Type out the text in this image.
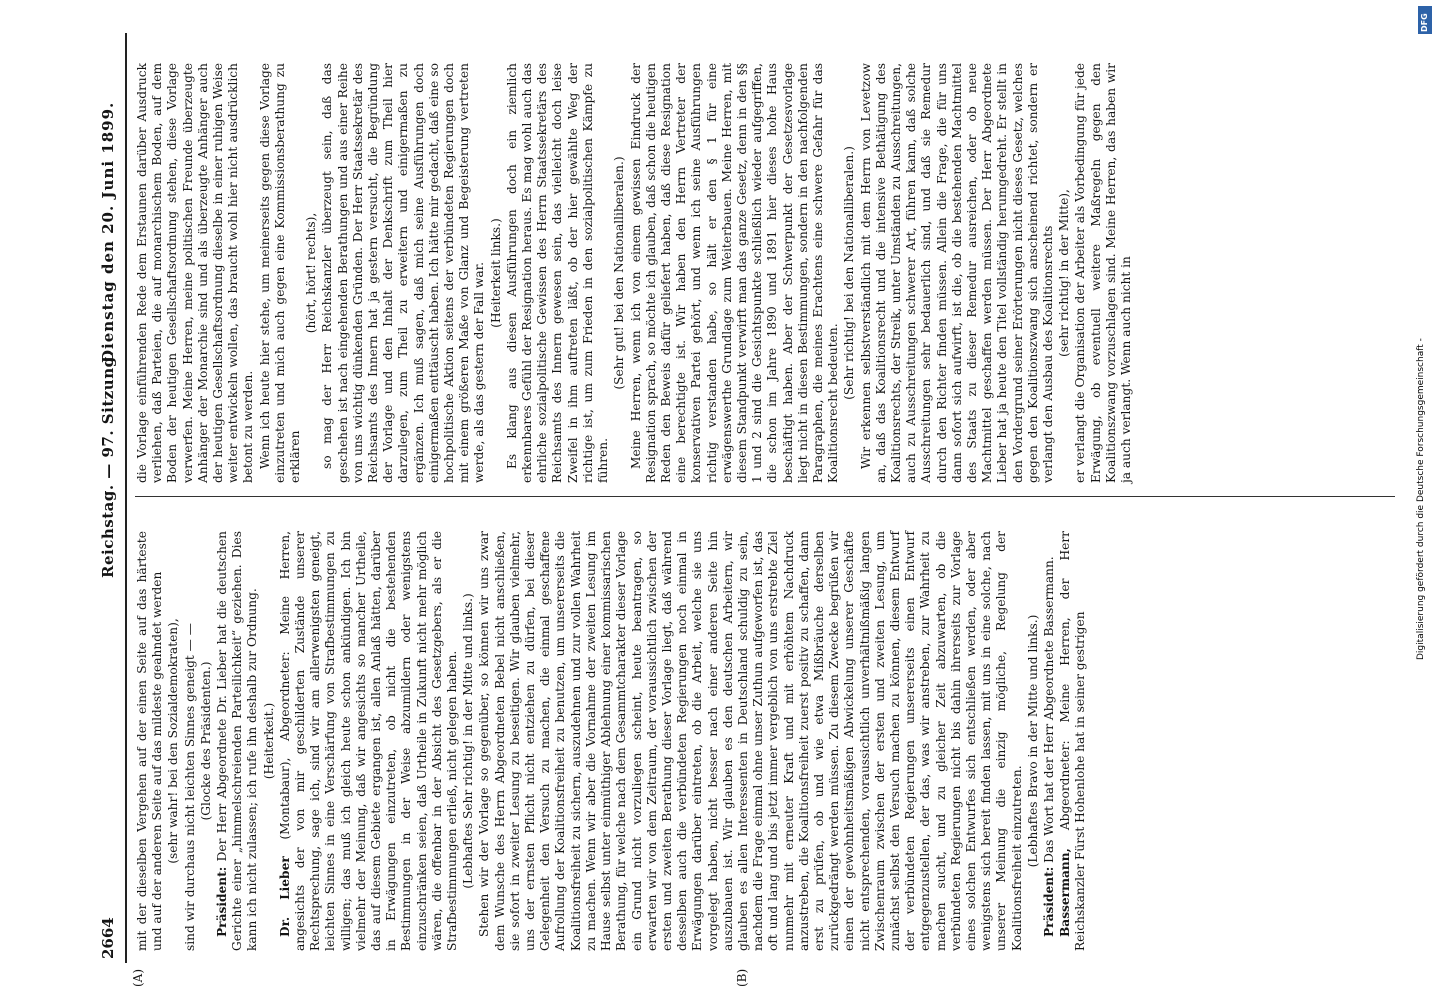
DFG
Digitalisierung gefördert durch die Deutsche Forschungsgemeinschaft -
2664
Reichstag. — 97. Sitzung.

mit der dieselben Vergehen auf der einen Seite auf das härteste und auf der anderen Seite auf das mildeste geahndet werden (sehr wahr! bei den Sozialdemokraten), sind wir durchaus nicht leichten Sinnes geneigt — — (Glocke des Präsidenten.)

Präsident: Der Herr Abgeordnete Dr. Lieber hat die deutschen Gerichte einer „himmelschreienden Parteilichkeit“ geziehen. Dies kann ich nicht zulassen; ich rufe ihn deshalb zur Ordnung. (Heiterkeit.)

Dr. Lieber (Montabaur), Abgeordneter: Meine Herren, angesichts der von mir geschilderten Zustände unserer Rechtsprechung, sage ich, sind wir am allerwenigsten geneigt, leichten Sinnes in eine Verschärfung von Strafbestimmungen zu willigen; das muß ich gleich heute schon ankündigen. Ich bin vielmehr der Meinung, daß wir angesichts so mancher Urtheile, das auf diesem Gebiete ergangen ist, allen Anlaß hätten, darüber in Erwägungen einzutreten, ob nicht die bestehenden Bestimmungen in der Weise abzumildern oder wenigstens einzuschränken seien, daß Urtheile in Zukunft nicht mehr möglich wären, die offenbar in der Absicht des Gesetzgebers, als er die Strafbestimmungen erließ, nicht gelegen haben. (Lebhaftes Sehr richtig! in der Mitte und links.) Stehen wir der Vorlage so gegenüber, so können wir uns zwar dem Wunsche des Herrn Abgeordneten Bebel nicht anschließen, sie sofort in zweiter Lesung zu beseitigen. Wir glauben vielmehr, uns der ernsten Pflicht nicht entziehen zu dürfen, bei dieser Gelegenheit den Versuch zu machen, die einmal geschaffene Aufrollung der Koalitionsfreiheit zu benutzen, um unsererseits die Koalitionsfreiheit zu sichern, auszudehnen und zur vollen Wahrheit zu machen. Wenn wir aber die Vornahme der zweiten Lesung im Hause selbst unter einmüthiger Ablehnung einer kommissarischen Berathung, für welche nach dem Gesammtcharakter dieser Vorlage ein Grund nicht vorzuliegen scheint, heute beantragen, so erwarten wir von dem Zeitraum, der voraussichtlich zwischen der ersten und zweiten Berathung dieser Vorlage liegt, daß während desselben auch die verbündeten Regierungen noch einmal in Erwägungen darüber eintreten, ob die Arbeit, welche sie uns vorgelegt haben, nicht besser nach einer anderen Seite hin auszubauen ist. Wir glauben es den deutschen Arbeitern, wir glauben es allen Interessenten in Deutschland schuldig zu sein, nachdem die Frage einmal ohne unser Zuthun aufgeworfen ist, das oft und lang und bis jetzt immer vergeblich von uns erstrebte Ziel nunmehr mit erneuter Kraft und mit erhöhtem Nachdruck anzustreben, die Koalitionsfreiheit zuerst positiv zu schaffen, dann erst zu prüfen, ob und wie etwa Mißbräuche derselben zurückgedrängt werden müssen. Zu diesem Zwecke begrüßen wir einen der gewohnheitsmäßigen Abwickelung unserer Geschäfte nicht entsprechenden, voraussichtlich unverhältnißmäßig langen Zwischenraum zwischen der ersten und zweiten Lesung, um zunächst selbst den Versuch machen zu können, diesem Entwurf der verbündeten Regierungen unsererseits einen Entwurf entgegenzustellen, der das, was wir anstreben, zur Wahrheit zu machen sucht, und zu gleicher Zeit abzuwarten, ob die verbündeten Regierungen nicht bis dahin ihrerseits zur Vorlage eines solchen Entwurfes sich entschließen werden, oder aber wenigstens sich bereit finden lassen, mit uns in eine solche, nach unserer Meinung die einzig mögliche, Regelung der Koalitionsfreiheit einzutreten. (Lebhaftes Bravo in der Mitte und links.)

Präsident: Das Wort hat der Herr Abgeordnete Bassermann.

Bassermann, Abgeordneter: Meine Herren, der Herr Reichskanzler Fürst Hohenlohe hat in seiner gestrigen

die Vorlage einführenden Rede dem Erstaunen darüber Ausdruck verliehen, daß Parteien, die auf monarchischem Boden, auf dem Boden der heutigen Gesellschaftsordnung stehen, diese Vorlage verwerfen. Meine Herren, meine politischen Freunde überzeugte Anhänger der Monarchie sind und als überzeugte Anhänger auch der heutigen Gesellschaftsordnung dieselbe in einer ruhigen Weise weiter entwickeln wollen, das braucht wohl hier nicht ausdrücklich betont zu werden. Wenn ich heute hier stehe, um meinerseits gegen diese Vorlage einzutreten und mich auch gegen eine Kommissionsberathung zu erklären

(hört, hört! rechts), so mag der Herr Reichskanzler überzeugt sein, daß das geschehen ist nach eingehenden Berathungen und aus einer Reihe von uns wichtig dünkenden Gründen. Der Herr Staatssekretär des Reichsamts des Innern hat ja gestern versucht, die Begründung der Vorlage und den Inhalt der Denkschrift zum Theil hier darzulegen, zum Theil zu erweitern und einigermaßen zu ergänzen. Ich muß sagen, daß mich seine Ausführungen doch einigermaßen enttäuscht haben. Ich hätte mir gedacht, daß eine so hochpolitische Aktion seitens der verbündeten Regierungen doch mit einem größeren Maße von Glanz und Begeisterung vertreten werde, als das gestern der Fall war. (Heiterkeit links.) Es klang aus diesen Ausführungen doch ein ziemlich erkennbares Gefühl der Resignation heraus. Es mag wohl auch das ehrliche sozialpolitische Gewissen des Herrn Staatssekretärs des Reichsamts des Innern gewesen sein, das vielleicht doch leise Zweifel in ihm auftreten läßt, ob der hier gewählte Weg der richtige ist, um zum Frieden in den sozialpolitischen Kämpfe zu führen.

(Sehr gut! bei den Nationalliberalen.) Meine Herren, wenn ich von einem gewissen Eindruck der Resignation sprach, so möchte ich glauben, daß schon die heutigen Reden den Beweis dafür geliefert haben, daß diese Resignation eine berechtigte ist. Wir haben den Herrn Vertreter der konservativen Partei gehört, und wenn ich seine Ausführungen richtig verstanden habe, so hält er den § 1 für eine erwägenswerthe Grundlage zum Weiterbauen. Meine Herren, mit diesem Standpunkt verwirft man das ganze Gesetz, denn in den §§ 1 und 2 sind die Gesichtspunkte schließlich wieder aufgegriffen, die schon im Jahre 1890 und 1891 hier dieses hohe Haus beschäftigt haben. Aber der Schwerpunkt der Gesetzesvorlage liegt nicht in diesen Bestimmungen, sondern in den nachfolgenden Paragraphen, die meines Erachtens eine schwere Gefahr für das Koalitionsrecht bedeuten.

(Sehr richtig! bei den Nationalliberalen.) Wir erkennen selbstverständlich mit dem Herrn von Levetzow an, daß das Koalitionsrecht und die intensive Bethätigung des Koalitionsrechts, der Streik, unter Umständen zu Ausschreitungen, auch zu Ausschreitungen schwerer Art, führen kann, daß solche Ausschreitungen sehr bedauerlich sind, und daß sie Remedur durch den Richter finden müssen. Allein die Frage, die für uns dann sofort sich aufwirft, ist die, ob die bestehenden Machtmittel des Staats zu dieser Remedur ausreichen, oder ob neue Machtmittel geschaffen werden müssen. Der Herr Abgeordnete Lieber hat ja heute den Titel vollständig herumgedreht. Er stellt in den Vordergrund seiner Erörterungen nicht dieses Gesetz, welches gegen den Koalitionszwang sich anscheinend richtet, sondern er verlangt den Ausbau des Koalitionsrechts (sehr richtig! in der Mitte), er verlangt die Organisation der Arbeiter als Vorbedingung für jede Erwägung, ob eventuell weitere Maßregeln gegen den Koalitionszwang vorzuschlagen sind. Meine Herren, das haben wir ja auch verlangt. Wenn auch nicht in

(A)	(B)
Dienstag den 20. Juni 1899.
